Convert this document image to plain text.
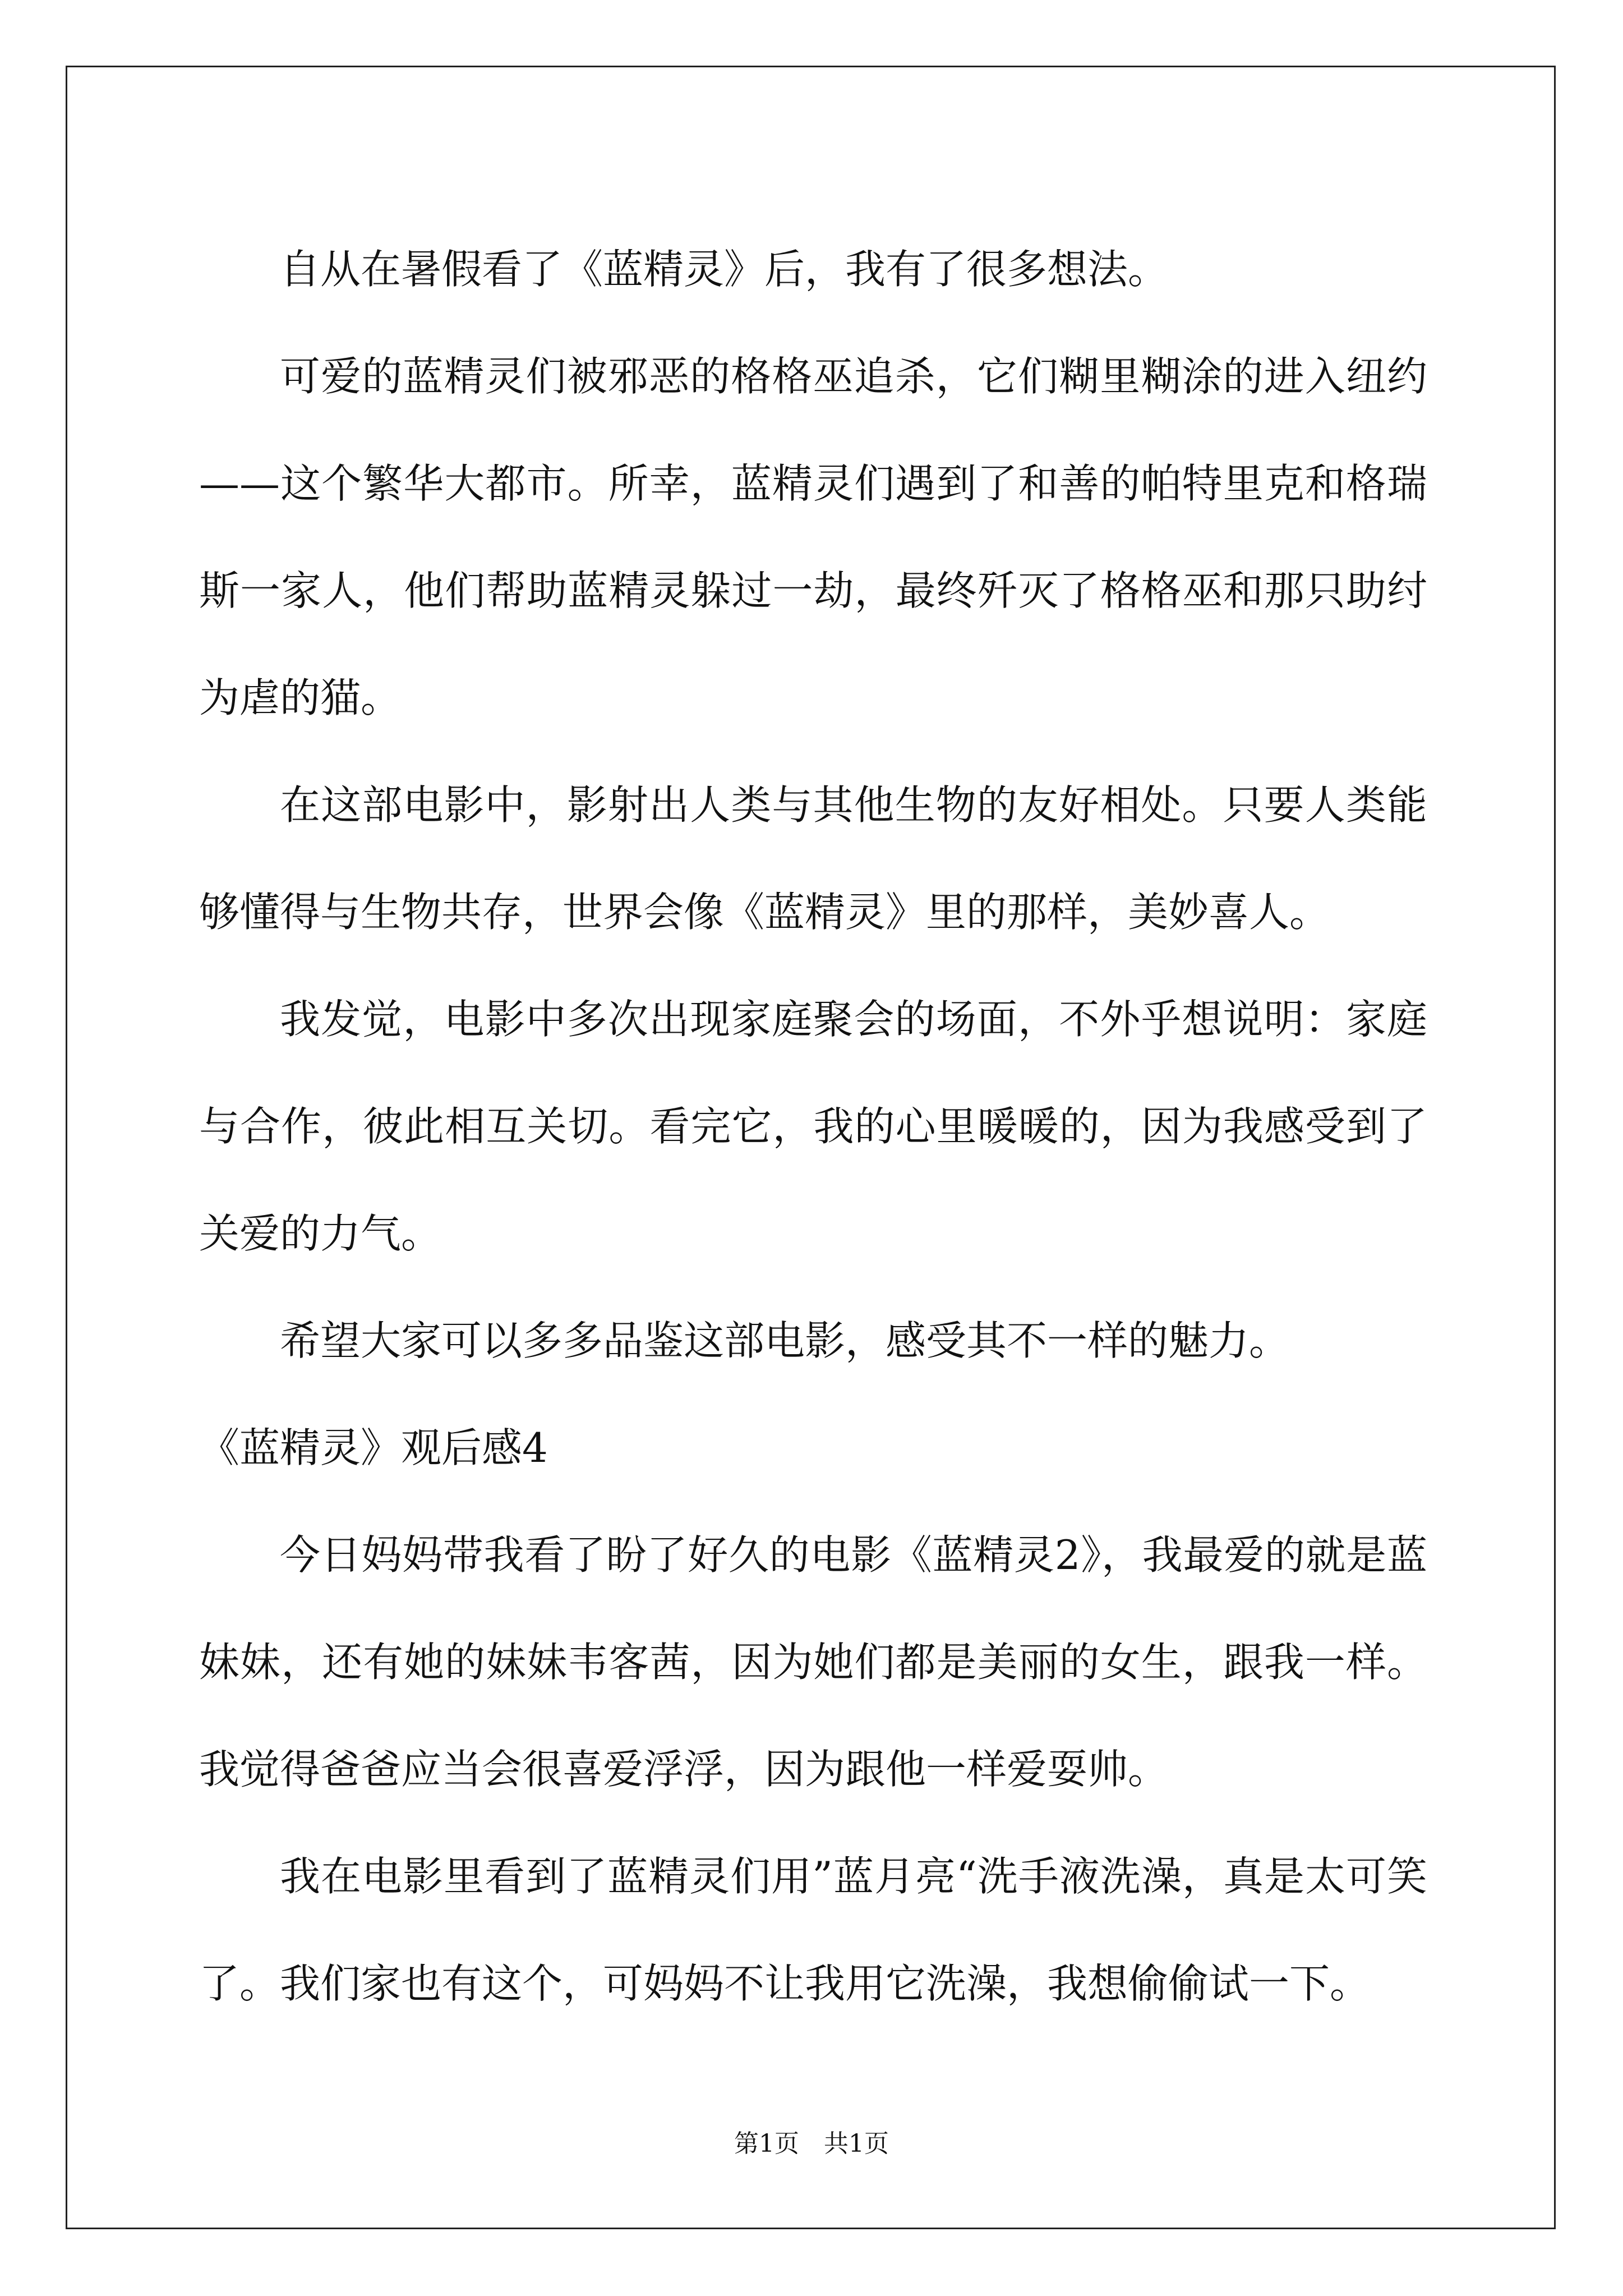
自从在暑假看了《蓝精灵》后，我有了很多想法。

可爱的蓝精灵们被邪恶的格格巫追杀，它们糊里糊涂的进入纽约——这个繁华大都市。所幸，蓝精灵们遇到了和善的帕特里克和格瑞斯一家人，他们帮助蓝精灵躲过一劫，最终歼灭了格格巫和那只助纣为虐的猫。

在这部电影中，影射出人类与其他生物的友好相处。只要人类能够懂得与生物共存，世界会像《蓝精灵》里的那样，美妙喜人。

我发觉，电影中多次出现家庭聚会的场面，不外乎想说明：家庭与合作，彼此相互关切。看完它，我的心里暖暖的，因为我感受到了关爱的力气。

希望大家可以多多品鉴这部电影，感受其不一样的魅力。

《蓝精灵》观后感4

今日妈妈带我看了盼了好久的电影《蓝精灵2》，我最爱的就是蓝妹妹，还有她的妹妹韦客茜，因为她们都是美丽的女生，跟我一样。我觉得爸爸应当会很喜爱浮浮，因为跟他一样爱耍帅。

我在电影里看到了蓝精灵们用”蓝月亮“洗手液洗澡，真是太可笑了。我们家也有这个，可妈妈不让我用它洗澡，我想偷偷试一下。

第1页　共1页
